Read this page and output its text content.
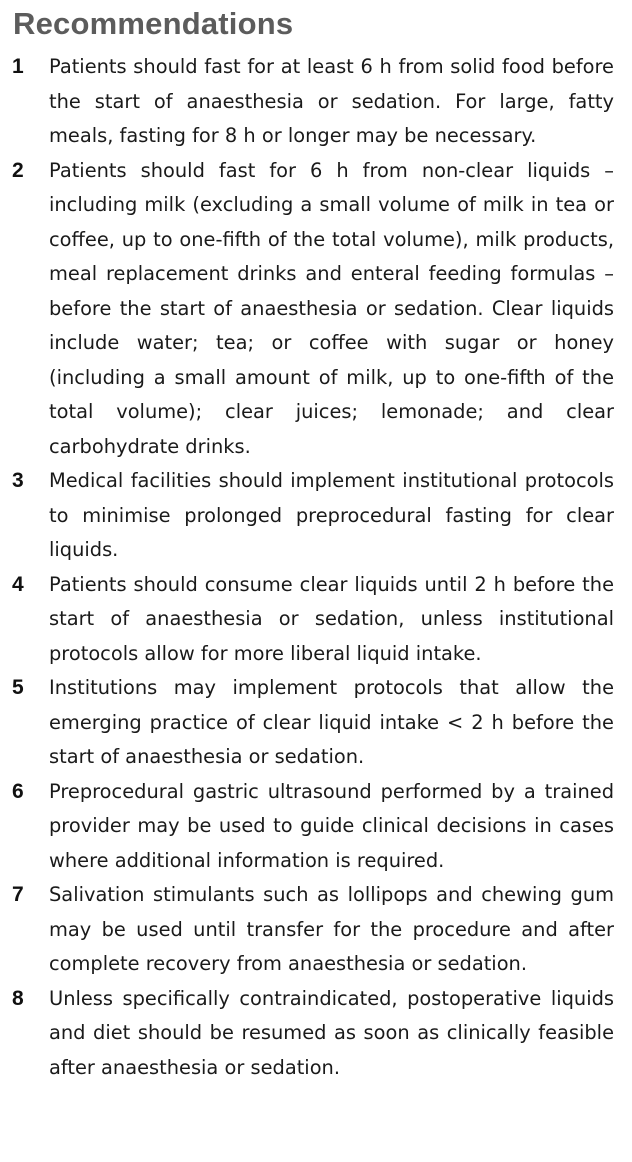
Recommendations
1	Patients should fast for at least 6 h from solid food before the start of anaesthesia or sedation. For large, fatty meals, fasting for 8 h or longer may be necessary.
2	Patients should fast for 6 h from non-clear liquids – including milk (excluding a small volume of milk in tea or coffee, up to one-fifth of the total volume), milk products, meal replacement drinks and enteral feeding formulas – before the start of anaesthesia or sedation. Clear liquids include water; tea; or coffee with sugar or honey (including a small amount of milk, up to one-fifth of the total volume); clear juices; lemonade; and clear carbohydrate drinks.
3	Medical facilities should implement institutional protocols to minimise prolonged preprocedural fasting for clear liquids.
4	Patients should consume clear liquids until 2 h before the start of anaesthesia or sedation, unless institutional protocols allow for more liberal liquid intake.
5	Institutions may implement protocols that allow the emerging practice of clear liquid intake < 2 h before the start of anaesthesia or sedation.
6	Preprocedural gastric ultrasound performed by a trained provider may be used to guide clinical decisions in cases where additional information is required.
7	Salivation stimulants such as lollipops and chewing gum may be used until transfer for the procedure and after complete recovery from anaesthesia or sedation.
8	Unless specifically contraindicated, postoperative liquids and diet should be resumed as soon as clinically feasible after anaesthesia or sedation.
